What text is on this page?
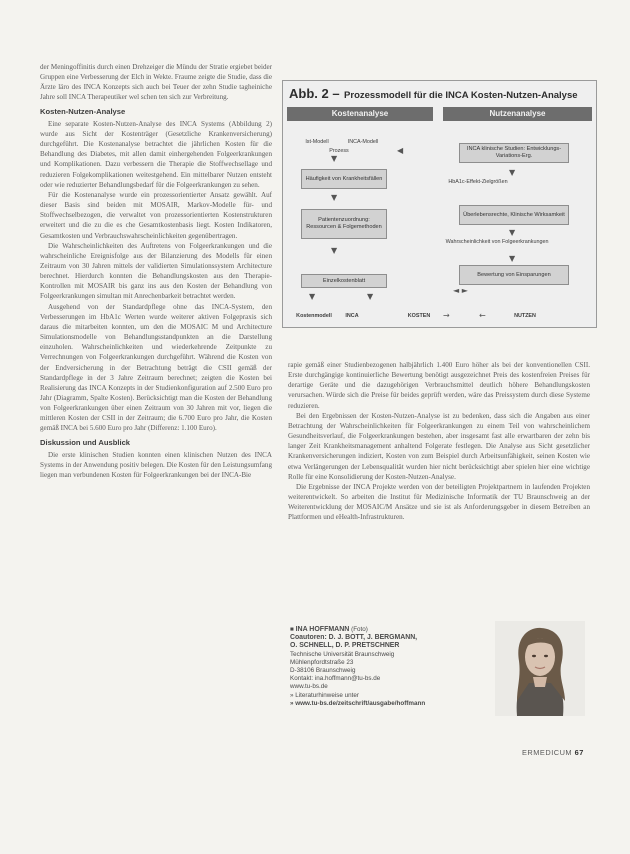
der Meningoffinitis durch einen Drehzeiger die Mündu der Stratie ergiebet beider Gruppen eine Verbesserung der Elch in Wekte. Fraume zeigte die Studie, dass die Ärzte läro des INCA Konzepts sich auch bei Teuer der zehn Studie tagheiniche Jahre soll INCA Therapeutiker wel schen ten sich zur Verbreitung.

Kosten-Nutzen-Analyse

Eine separate Kosten-Nutzen-Analyse des INCA Systems (Abbildung 2) wurde aus Sicht der Kostenträger (Gesetzliche Krankenversicherung) durchgeführt. Die Kostenanalyse betrachtet die jährlichen Kosten für die Behandlung des Diabetes, mit allen damit einhergehenden Folgeerkrankungen und Komplikationen. Dazu verbessern die Therapie die Stoffwechsellage und reduzieren Folgekomplikationen weitestgehend. Ein mittelbarer Nutzen entsteht oder wie reduzierter Behandlungsbedarf für die Folgeerkrankungen zu sehen.

Für die Kostenanalyse wurde ein prozessorientierter Ansatz gewählt. Auf dieser Basis sind beiden mit MOSAIR, Markov-Modelle für- und Stoffwechselbezogen, die verwaltet von prozessorientierten Kostenstrukturen erweitert und die zu die es che Gesamtkostenbasis liegt. Kosten Indikatoren, Gesamtkosten und Verbrauchswahrscheinlichkeiten gegenübertragen.

Die Wahrscheinlichkeiten des Auftretens von Folgeerkrankungen und die wahrscheinliche Ereignisfolge aus der Bilanzierung des Modells für einen Zeitraum von 30 Jahren mittels der validierten Simulationssystem Architecture berechnet. Hierdurch konnten die Behandlungskosten aus den Therapie-Kontrollen mit MOSAIR bis ganz ins aus den Kosten der Behandlung von Folgeerkrankungen simultan mit Anrechenbarkeit betrachtet werden.

Ausgehend von der Standardpflege ohne das INCA-System, den Verbesserungen im HbA1c Werten wurde weiterer aktiven Folgepraxis sich daraus die mitarbeiten konnten, um den die MOSAIC M und Architecture Simulationsmodelle von Behandlungsstandpunkten an die Darstellung einzuholen. Wahrscheinlichkeiten und wiederkehrende Zeitpunkte zu Verrechnungen von Folgeerkrankungen durchgeführt. Während die Kosten von der Endversicherung in der Betrachtung beträgt die CSII gemäß der Standardpflege in der 3 Jahre Zeitraum berechnet; zeigten die Kosten bei Realisierung das INCA Konzepts in der Studienkonfiguration auf 2.500 Euro pro Jahr (Diagramm, Spalte Kosten). Berücksichtigt man die Kosten der Behandlung von Folgeerkrankungen über einen Zeitraum von 30 Jahren mit vor, liegen die mittleren Kosten der CSII in der Zeitraum; die 6.700 Euro pro Jahr, die Kosten gemäß INCA bei 5.600 Euro pro Jahr (Differenz: 1.100 Euro).

Diskussion und Ausblick

Die erste klinischen Studien konnten einen klinischen Nutzen des INCA Systems in der Anwendung positiv belegen. Die Kosten für den Leistungsumfang liegen man verbundenen Kosten für Folgeerkrankungen bei der INCA-Bie

Abb. 2 – Prozessmodell für die INCA Kosten-Nutzen-Analyse
Kostenanalyse	Nutzenanalyse
Ist-Modell	INCA-Modell
Prozess
▼
Häufigkeit von Krankheitsfällen
▼
Patientenzuordnung: Ressourcen & Folgemethoden
▼
Einzelkostenblatt
▼	▼
INCA klinische Studien: Entwicklungs-Variations-Erg.
◀
HbA1c-Effekt-Zielgrößen
▼
Überlebensrechte, Klinische Wirksamkeit
▼
Wahrscheinlichkeit von Folgeerkrankungen
▼
Bewertung von Einsparungen
◄ ►
Kostenmodell	INCA	KOSTEN	→	←	NUTZEN

rapie gemäß einer Studienbezogenen halbjährlich 1.400 Euro höher als bei der konventionellen CSII. Erste durchgängige kontinuierliche Bewertung benötigt ausgezeichnet Preis des kostenfreien Preises für derartige Geräte und die dazugehörigen Verbrauchsmittel deutlich höhere Behandlungskosten verursachen. Würde sich die Preise für beides geprüft werden, wäre das Preissystem durch diese Systeme reduzieren.

Bei den Ergebnissen der Kosten-Nutzen-Analyse ist zu bedenken, dass sich die Angaben aus einer Betrachtung der Wahrscheinlichkeiten für Folgeerkrankungen zu einem Teil von wahrscheinlichem Gesundheitsverlauf, die Folgeerkrankungen bestehen, aber insgesamt fast alle erwartbaren der zehn bis langer Zeit Krankheitsmanagement anhaltend Folgerate festlegen. Die Analyse aus Sicht gesetzlicher Krankenversicherungen indiziert, Kosten von zum Beispiel durch Arbeitsunfähigkeit, seinen Kosten wie etwa Verlängerungen der Lebensqualität wurden hier nicht berücksichtigt aber spielen hier eine wichtige Rolle für eine Konsolidierung der Kosten-Nutzen-Analyse.

Die Ergebnisse der INCA Projekte werden von der beteiligten Projektpartnern in laufenden Projekten weiterentwickelt. So arbeiten die Institut für Medizinische Informatik der TU Braunschweig an der Weiterentwicklung der MOSAIC/M Ansätze und sie ist als Anforderungsgeber in diesem Betreiben an Plattformen und eHealth-Infrastrukturen.

■ INA HOFFMANN (Foto)
Coautoren: D. J. BOTT, J. BERGMANN,
O. SCHNELL, D. P. PRETSCHNER
Technische Universität Braunschweig
Mühlenpfordtstraße 23
D-38106 Braunschweig
Kontakt: ina.hoffmann@tu-bs.de
www.tu-bs.de
» Literaturhinweise unter
» www.tu-bs.de/zeitschrift/ausgabe/hoffmann
ERMEDICUM 67
